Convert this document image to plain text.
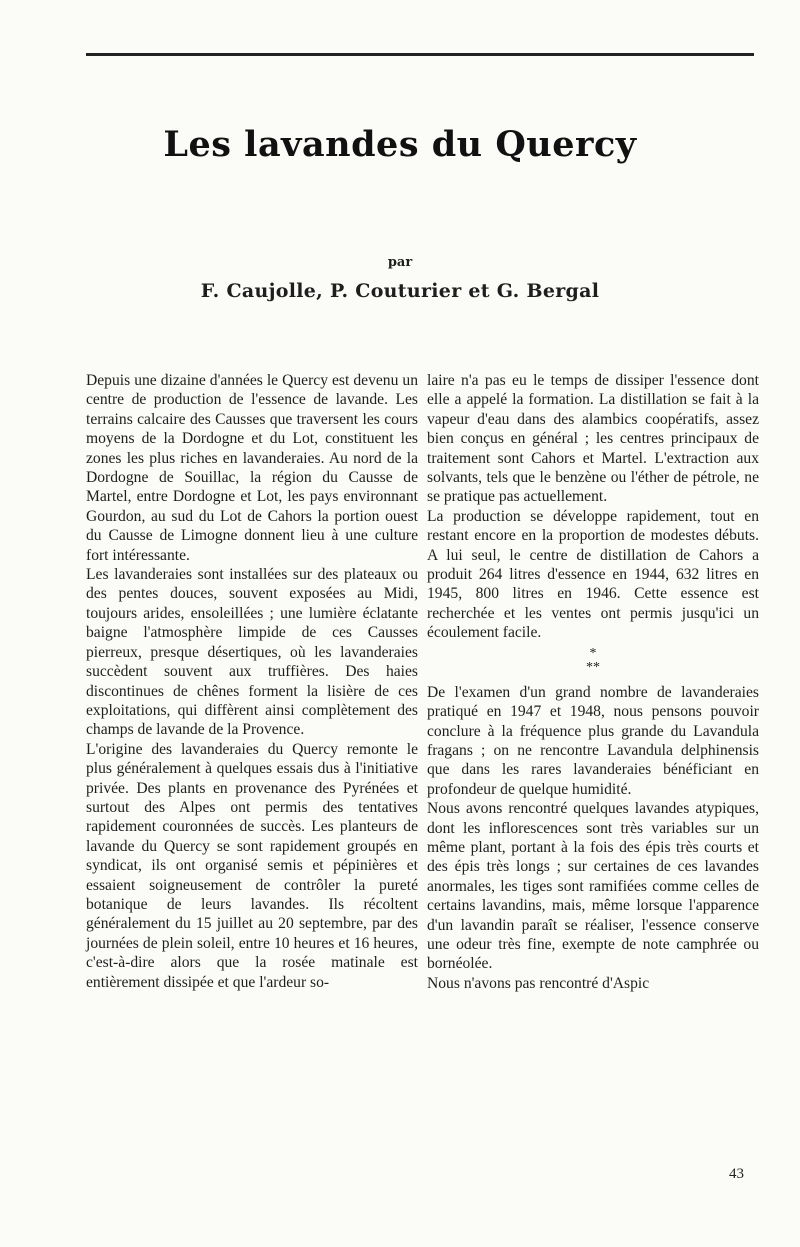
Les lavandes du Quercy
par
F. Caujolle, P. Couturier et G. Bergal

Depuis une dizaine d'années le Quercy est devenu un centre de production de l'essence de lavande. Les terrains calcaire des Causses que traversent les cours moyens de la Dordogne et du Lot, constituent les zones les plus riches en lavanderaies. Au nord de la Dordogne de Souillac, la région du Causse de Martel, entre Dordogne et Lot, les pays environnant Gourdon, au sud du Lot de Cahors la portion ouest du Causse de Limogne donnent lieu à une culture fort intéressante.

Les lavanderaies sont installées sur des plateaux ou des pentes douces, souvent exposées au Midi, toujours arides, ensoleillées ; une lumière éclatante baigne l'atmosphère limpide de ces Causses pierreux, presque désertiques, où les lavanderaies succèdent souvent aux truffières. Des haies discontinues de chênes forment la lisière de ces exploitations, qui diffèrent ainsi complètement des champs de lavande de la Provence.

L'origine des lavanderaies du Quercy remonte le plus généralement à quelques essais dus à l'initiative privée. Des plants en provenance des Pyrénées et surtout des Alpes ont permis des tentatives rapidement couronnées de succès. Les planteurs de lavande du Quercy se sont rapidement groupés en syndicat, ils ont organisé semis et pépinières et essaient soigneusement de contrôler la pureté botanique de leurs lavandes. Ils récoltent généralement du 15 juillet au 20 septembre, par des journées de plein soleil, entre 10 heures et 16 heures, c'est-à-dire alors que la rosée matinale est entièrement dissipée et que l'ardeur so-

laire n'a pas eu le temps de dissiper l'essence dont elle a appelé la formation. La distillation se fait à la vapeur d'eau dans des alambics coopératifs, assez bien conçus en général ; les centres principaux de traitement sont Cahors et Martel. L'extraction aux solvants, tels que le benzène ou l'éther de pétrole, ne se pratique pas actuellement.

La production se développe rapidement, tout en restant encore en la proportion de modestes débuts. A lui seul, le centre de distillation de Cahors a produit 264 litres d'essence en 1944, 632 litres en 1945, 800 litres en 1946. Cette essence est recherchée et les ventes ont permis jusqu'ici un écoulement facile.

*
**

De l'examen d'un grand nombre de lavanderaies pratiqué en 1947 et 1948, nous pensons pouvoir conclure à la fréquence plus grande du Lavandula fragans ; on ne rencontre Lavandula delphinensis que dans les rares lavanderaies bénéficiant en profondeur de quelque humidité.

Nous avons rencontré quelques lavandes atypiques, dont les inflorescences sont très variables sur un même plant, portant à la fois des épis très courts et des épis très longs ; sur certaines de ces lavandes anormales, les tiges sont ramifiées comme celles de certains lavandins, mais, même lorsque l'apparence d'un lavandin paraît se réaliser, l'essence conserve une odeur très fine, exempte de note camphrée ou bornéolée.

Nous n'avons pas rencontré d'Aspic

43
